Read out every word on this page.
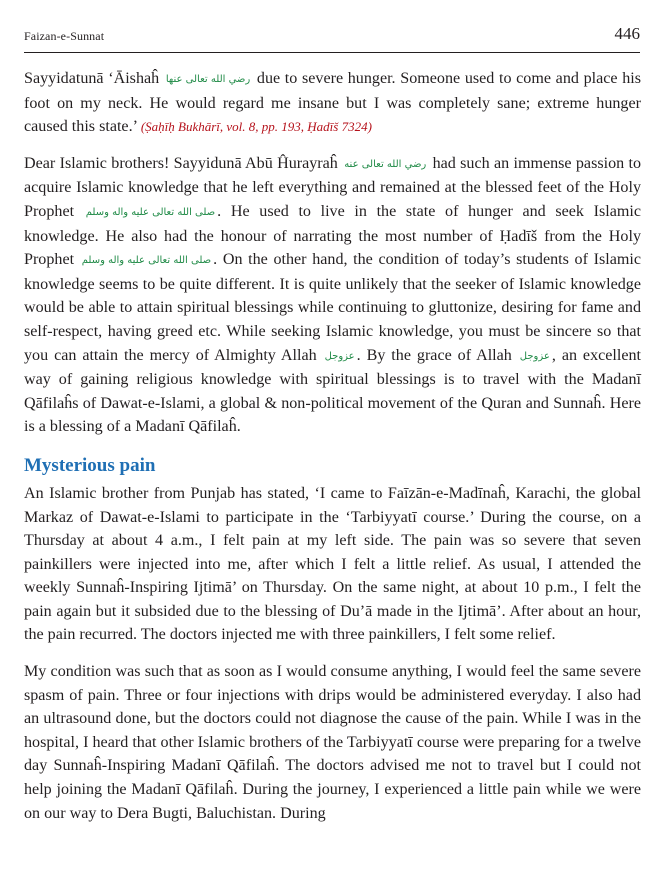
Faizan-e-Sunnat	446

Sayyidatunā ‘Āishaĥ رضي الله تعالى عنها due to severe hunger. Someone used to come and place his foot on my neck. He would regard me insane but I was completely sane; extreme hunger caused this state.’ (Ṣaḥīḥ Bukhārī, vol. 8, pp. 193, Ḥadīš 7324)

Dear Islamic brothers! Sayyidunā Abū Ĥurayraĥ رضي الله تعالى عنه had such an immense passion to acquire Islamic knowledge that he left everything and remained at the blessed feet of the Holy Prophet صلى الله تعالى عليه واله وسلم . He used to live in the state of hunger and seek Islamic knowledge. He also had the honour of narrating the most number of Ḥadīš from the Holy Prophet صلى الله تعالى عليه واله وسلم . On the other hand, the condition of today’s students of Islamic knowledge seems to be quite different. It is quite unlikely that the seeker of Islamic knowledge would be able to attain spiritual blessings while continuing to gluttonize, desiring for fame and self-respect, having greed etc. While seeking Islamic knowledge, you must be sincere so that you can attain the mercy of Almighty Allah عزوجل . By the grace of Allah عزوجل , an excellent way of gaining religious knowledge with spiritual blessings is to travel with the Madanī Qāfilaĥs of Dawat-e-Islami, a global & non-political movement of the Quran and Sunnaĥ. Here is a blessing of a Madanī Qāfilaĥ.

Mysterious pain

An Islamic brother from Punjab has stated, ‘I came to Faīzān-e-Madīnaĥ, Karachi, the global Markaz of Dawat-e-Islami to participate in the ‘Tarbiyyatī course.’ During the course, on a Thursday at about 4 a.m., I felt pain at my left side. The pain was so severe that seven painkillers were injected into me, after which I felt a little relief. As usual, I attended the weekly Sunnaĥ-Inspiring Ijtimā’ on Thursday. On the same night, at about 10 p.m., I felt the pain again but it subsided due to the blessing of Du’ā made in the Ijtimā’. After about an hour, the pain recurred. The doctors injected me with three painkillers, I felt some relief.

My condition was such that as soon as I would consume anything, I would feel the same severe spasm of pain. Three or four injections with drips would be administered everyday. I also had an ultrasound done, but the doctors could not diagnose the cause of the pain. While I was in the hospital, I heard that other Islamic brothers of the Tarbiyyatī course were preparing for a twelve day Sunnaĥ-Inspiring Madanī Qāfilaĥ. The doctors advised me not to travel but I could not help joining the Madanī Qāfilaĥ. During the journey, I experienced a little pain while we were on our way to Dera Bugti, Baluchistan. During
